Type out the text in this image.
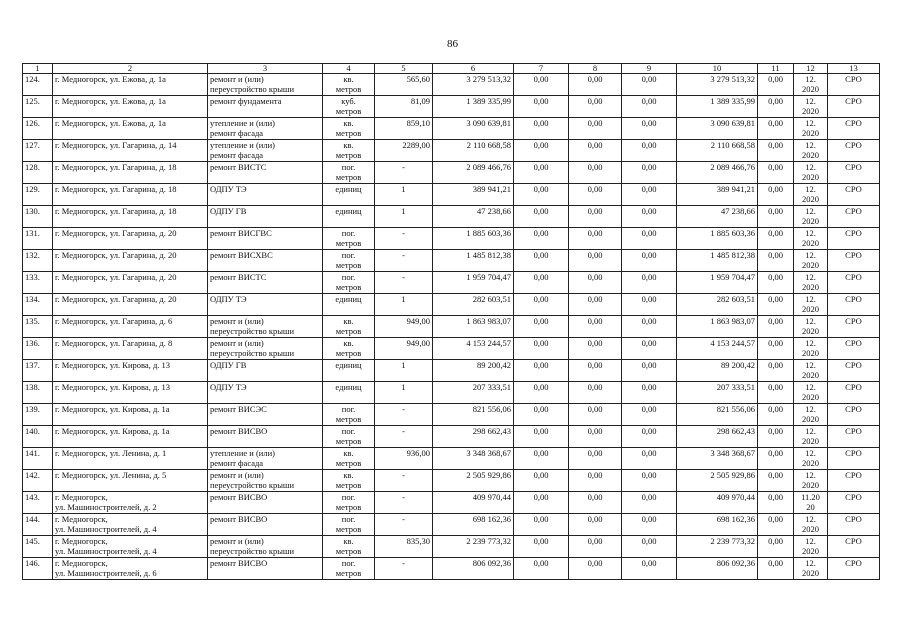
86
1	2	3	4	5	6	7	8	9	10	11	12	13
124.	г. Медногорск, ул. Ежова, д. 1а	ремонт и (или)
переустройство крыши	кв.
метров	565,60	3 279 513,32	0,00	0,00	0,00	3 279 513,32	0,00	12.
2020	СРО
125.	г. Медногорск, ул. Ежова, д. 1а	ремонт фундамента	куб.
метров	81,09	1 389 335,99	0,00	0,00	0,00	1 389 335,99	0,00	12.
2020	СРО
126.	г. Медногорск, ул. Ежова, д. 1а	утепление и (или)
ремонт фасада	кв.
метров	859,10	3 090 639,81	0,00	0,00	0,00	3 090 639,81	0,00	12.
2020	СРО
127.	г. Медногорск, ул. Гагарина, д. 14	утепление и (или)
ремонт фасада	кв.
метров	2289,00	2 110 668,58	0,00	0,00	0,00	2 110 668,58	0,00	12.
2020	СРО
128.	г. Медногорск, ул. Гагарина, д. 18	ремонт ВИСТС	пог.
метров	-	2 089 466,76	0,00	0,00	0,00	2 089 466,76	0,00	12.
2020	СРО
129.	г. Медногорск, ул. Гагарина, д. 18	ОДПУ ТЭ	единиц	1	389 941,21	0,00	0,00	0,00	389 941,21	0,00	12.
2020	СРО
130.	г. Медногорск, ул. Гагарина, д. 18	ОДПУ ГВ	единиц	1	47 238,66	0,00	0,00	0,00	47 238,66	0,00	12.
2020	СРО
131.	г. Медногорск, ул. Гагарина, д. 20	ремонт ВИСГВС	пог.
метров	-	1 885 603,36	0,00	0,00	0,00	1 885 603,36	0,00	12.
2020	СРО
132.	г. Медногорск, ул. Гагарина, д. 20	ремонт ВИСХВС	пог.
метров	-	1 485 812,38	0,00	0,00	0,00	1 485 812,38	0,00	12.
2020	СРО
133.	г. Медногорск, ул. Гагарина, д. 20	ремонт ВИСТС	пог.
метров	-	1 959 704,47	0,00	0,00	0,00	1 959 704,47	0,00	12.
2020	СРО
134.	г. Медногорск, ул. Гагарина, д. 20	ОДПУ ТЭ	единиц	1	282 603,51	0,00	0,00	0,00	282 603,51	0,00	12.
2020	СРО
135.	г. Медногорск, ул. Гагарина, д. 6	ремонт и (или)
переустройство крыши	кв.
метров	949,00	1 863 983,07	0,00	0,00	0,00	1 863 983,07	0,00	12.
2020	СРО
136.	г. Медногорск, ул. Гагарина, д. 8	ремонт и (или)
переустройство крыши	кв.
метров	949,00	4 153 244,57	0,00	0,00	0,00	4 153 244,57	0,00	12.
2020	СРО
137.	г. Медногорск, ул. Кирова, д. 13	ОДПУ ГВ	единиц	1	89 200,42	0,00	0,00	0,00	89 200,42	0,00	12.
2020	СРО
138.	г. Медногорск, ул. Кирова, д. 13	ОДПУ ТЭ	единиц	1	207 333,51	0,00	0,00	0,00	207 333,51	0,00	12.
2020	СРО
139.	г. Медногорск, ул. Кирова, д. 1а	ремонт ВИСЭС	пог.
метров	-	821 556,06	0,00	0,00	0,00	821 556,06	0,00	12.
2020	СРО
140.	г. Медногорск, ул. Кирова, д. 1а	ремонт ВИСВО	пог.
метров	-	298 662,43	0,00	0,00	0,00	298 662,43	0,00	12.
2020	СРО
141.	г. Медногорск, ул. Ленина, д. 1	утепление и (или)
ремонт фасада	кв.
метров	936,00	3 348 368,67	0,00	0,00	0,00	3 348 368,67	0,00	12.
2020	СРО
142.	г. Медногорск, ул. Ленина, д. 5	ремонт и (или)
переустройство крыши	кв.
метров	-	2 505 929,86	0,00	0,00	0,00	2 505 929,86	0,00	12.
2020	СРО
143.	г. Медногорск,
ул. Машиностроителей, д. 2	ремонт ВИСВО	пог.
метров	-	409 970,44	0,00	0,00	0,00	409 970,44	0,00	11.20
20	СРО
144.	г. Медногорск,
ул. Машиностроителей, д. 4	ремонт ВИСВО	пог.
метров	-	698 162,36	0,00	0,00	0,00	698 162,36	0,00	12.
2020	СРО
145.	г. Медногорск,
ул. Машиностроителей, д. 4	ремонт и (или)
переустройство крыши	кв.
метров	835,30	2 239 773,32	0,00	0,00	0,00	2 239 773,32	0,00	12.
2020	СРО
146.	г. Медногорск,
ул. Машиностроителей, д. 6	ремонт ВИСВО	пог.
метров	-	806 092,36	0,00	0,00	0,00	806 092,36	0,00	12.
2020	СРО
